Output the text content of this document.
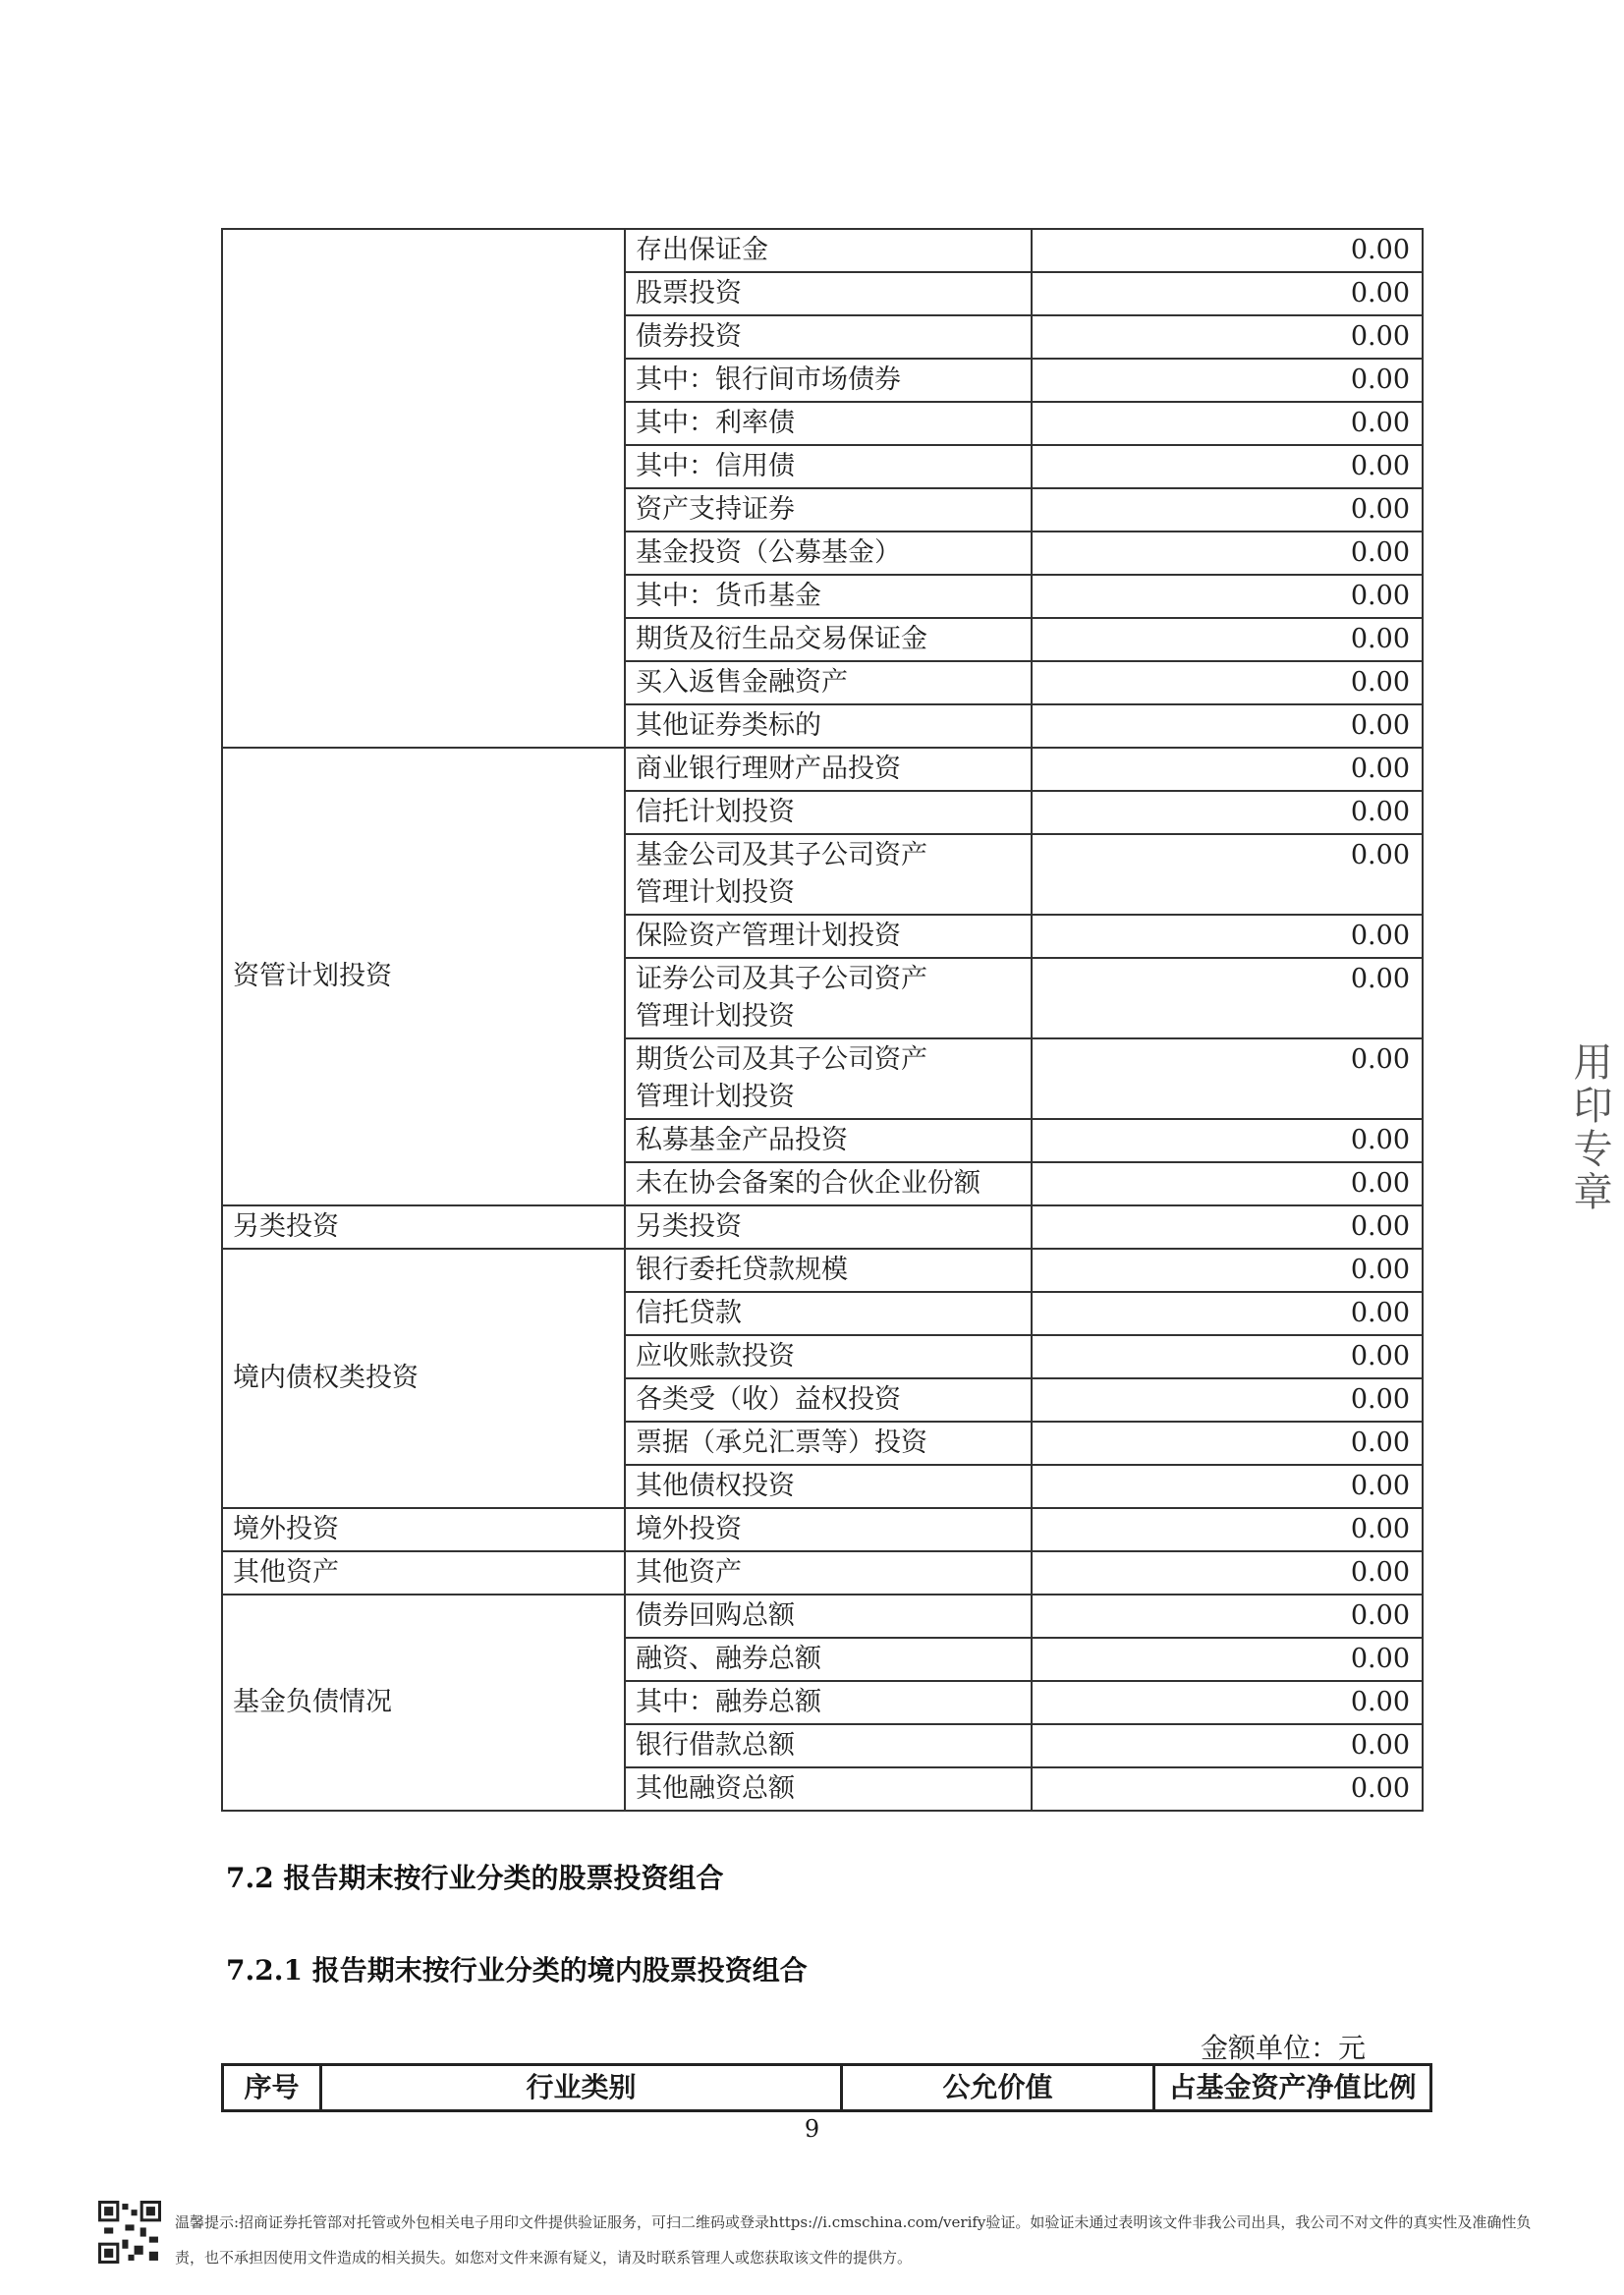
	存出保证金	0.00
	股票投资	0.00
	债券投资	0.00
	其中：银行间市场债券	0.00
	其中：利率债	0.00
	其中：信用债	0.00
	资产支持证券	0.00
	基金投资（公募基金）	0.00
	其中：货币基金	0.00
	期货及衍生品交易保证金	0.00
	买入返售金融资产	0.00
	其他证券类标的	0.00
资管计划投资	商业银行理财产品投资	0.00
	信托计划投资	0.00
	基金公司及其子公司资产管理计划投资	0.00
	保险资产管理计划投资	0.00
	证券公司及其子公司资产管理计划投资	0.00
	期货公司及其子公司资产管理计划投资	0.00
	私募基金产品投资	0.00
	未在协会备案的合伙企业份额	0.00
另类投资	另类投资	0.00
境内债权类投资	银行委托贷款规模	0.00
	信托贷款	0.00
	应收账款投资	0.00
	各类受（收）益权投资	0.00
	票据（承兑汇票等）投资	0.00
	其他债权投资	0.00
境外投资	境外投资	0.00
其他资产	其他资产	0.00
基金负债情况	债券回购总额	0.00
	融资、融券总额	0.00
	其中：融券总额	0.00
	银行借款总额	0.00
	其他融资总额	0.00
7.2 报告期末按行业分类的股票投资组合
7.2.1 报告期末按行业分类的境内股票投资组合
金额单位：元
序号	行业类别	公允价值	占基金资产净值比例
9
用印专章
温馨提示:招商证券托管部对托管或外包相关电子用印文件提供验证服务，可扫二维码或登录https://i.cmschina.com/verify验证。如验证未通过表明该文件非我公司出具，我公司不对文件的真实性及准确性负责，也不承担因使用文件造成的相关损失。如您对文件来源有疑义，请及时联系管理人或您获取该文件的提供方。
